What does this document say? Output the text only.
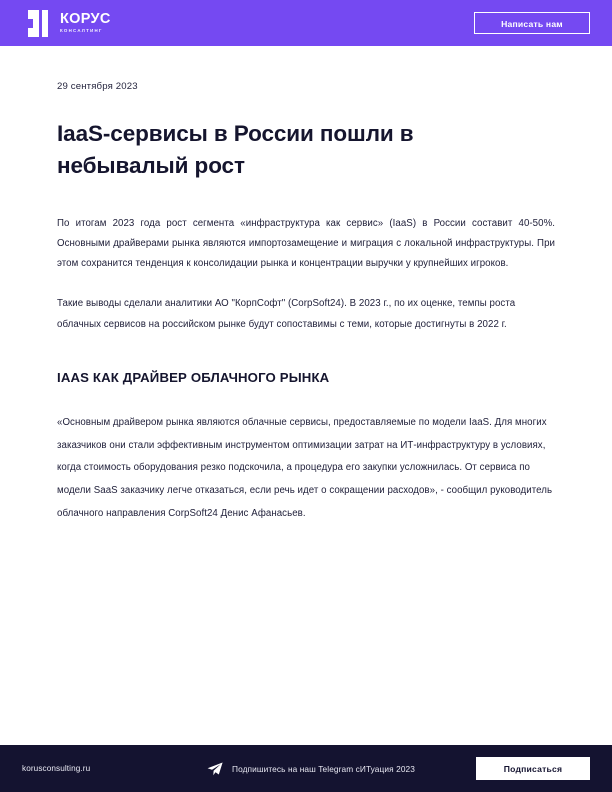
КОРУС
КОНСАЛТИНГ
Написать нам
29 сентября 2023
IaaS-сервисы в России пошли в небывалый рост

По итогам 2023 года рост сегмента «инфраструктура как сервис» (IaaS) в России составит 40-50%. Основными драйверами рынка являются импортозамещение и миграция с локальной инфраструктуры. При этом сохранится тенденция к консолидации рынка и концентрации выручки у крупнейших игроков.

Такие выводы сделали аналитики АО "КорпСофт" (CorpSoft24). В 2023 г., по их оценке, темпы роста облачных сервисов на российском рынке будут сопоставимы с теми, которые достигнуты в 2022 г.

IAAS КАК ДРАЙВЕР ОБЛАЧНОГО РЫНКА

«Основным драйвером рынка являются облачные сервисы, предоставляемые по модели IaaS. Для многих заказчиков они стали эффективным инструментом оптимизации затрат на ИТ-инфраструктуру в условиях, когда стоимость оборудования резко подскочила, а процедура его закупки усложнилась. От сервиса по модели SaaS заказчику легче отказаться, если речь идет о сокращении расходов», - сообщил руководитель облачного направления CorpSoft24 Денис Афанасьев.

korusconsulting.ru	Подпишитесь на наш Telegram сИТуация 2023	Подписаться
